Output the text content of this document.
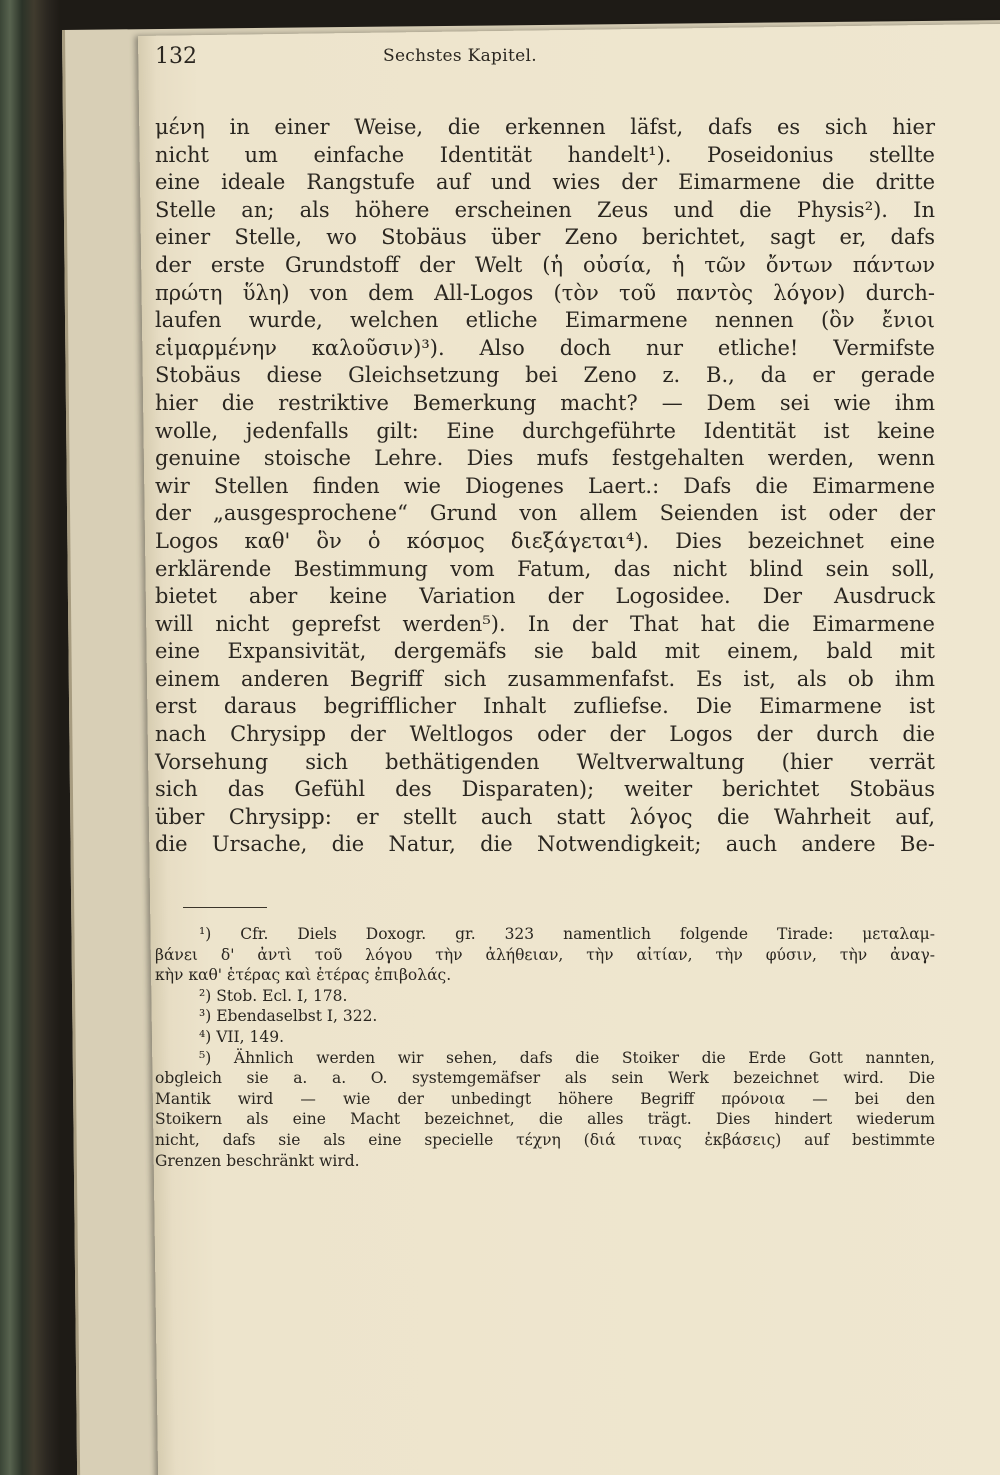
132	Sechstes Kapitel.
μένη in einer Weise, die erkennen läfst, dafs es sich hier
nicht um einfache Identität handelt¹). Poseidonius stellte
eine ideale Rangstufe auf und wies der Eimarmene die dritte
Stelle an; als höhere erscheinen Zeus und die Physis²). In
einer Stelle, wo Stobäus über Zeno berichtet, sagt er, dafs
der erste Grundstoff der Welt (ἡ οὐσία, ἡ τῶν ὄντων πάντων
πρώτη ὕλη) von dem All-Logos (τὸν τοῦ παντὸς λόγον) durch-
laufen wurde, welchen etliche Eimarmene nennen (ὃν ἔνιοι
εἱμαρμένην καλοῦσιν)³). Also doch nur etliche! Vermifste
Stobäus diese Gleichsetzung bei Zeno z. B., da er gerade
hier die restriktive Bemerkung macht? — Dem sei wie ihm
wolle, jedenfalls gilt: Eine durchgeführte Identität ist keine
genuine stoische Lehre. Dies mufs festgehalten werden, wenn
wir Stellen finden wie Diogenes Laert.: Dafs die Eimarmene
der „ausgesprochene“ Grund von allem Seienden ist oder der
Logos καθ' ὃν ὁ κόσμος διεξάγεται⁴). Dies bezeichnet eine
erklärende Bestimmung vom Fatum, das nicht blind sein soll,
bietet aber keine Variation der Logosidee. Der Ausdruck
will nicht geprefst werden⁵). In der That hat die Eimarmene
eine Expansivität, dergemäfs sie bald mit einem, bald mit
einem anderen Begriff sich zusammenfafst. Es ist, als ob ihm
erst daraus begrifflicher Inhalt zufliefse. Die Eimarmene ist
nach Chrysipp der Weltlogos oder der Logos der durch die
Vorsehung sich bethätigenden Weltverwaltung (hier verrät
sich das Gefühl des Disparaten); weiter berichtet Stobäus
über Chrysipp: er stellt auch statt λόγος die Wahrheit auf,
die Ursache, die Natur, die Notwendigkeit; auch andere Be-
¹) Cfr. Diels Doxogr. gr. 323 namentlich folgende Tirade: μεταλαμ-
βάνει δ' ἀντὶ τοῦ λόγου τὴν ἀλήθειαν, τὴν αἰτίαν, τὴν φύσιν, τὴν ἀναγ-
κὴν καθ' ἑτέρας καὶ ἑτέρας ἐπιβολάς.
²) Stob. Ecl. I, 178.
³) Ebendaselbst I, 322.
⁴) VII, 149.
⁵) Ähnlich werden wir sehen, dafs die Stoiker die Erde Gott nannten,
obgleich sie a. a. O. systemgemäfser als sein Werk bezeichnet wird. Die
Mantik wird — wie der unbedingt höhere Begriff πρόνοια — bei den
Stoikern als eine Macht bezeichnet, die alles trägt. Dies hindert wiederum
nicht, dafs sie als eine specielle τέχνη (διά τινας ἐκβάσεις) auf bestimmte
Grenzen beschränkt wird.
